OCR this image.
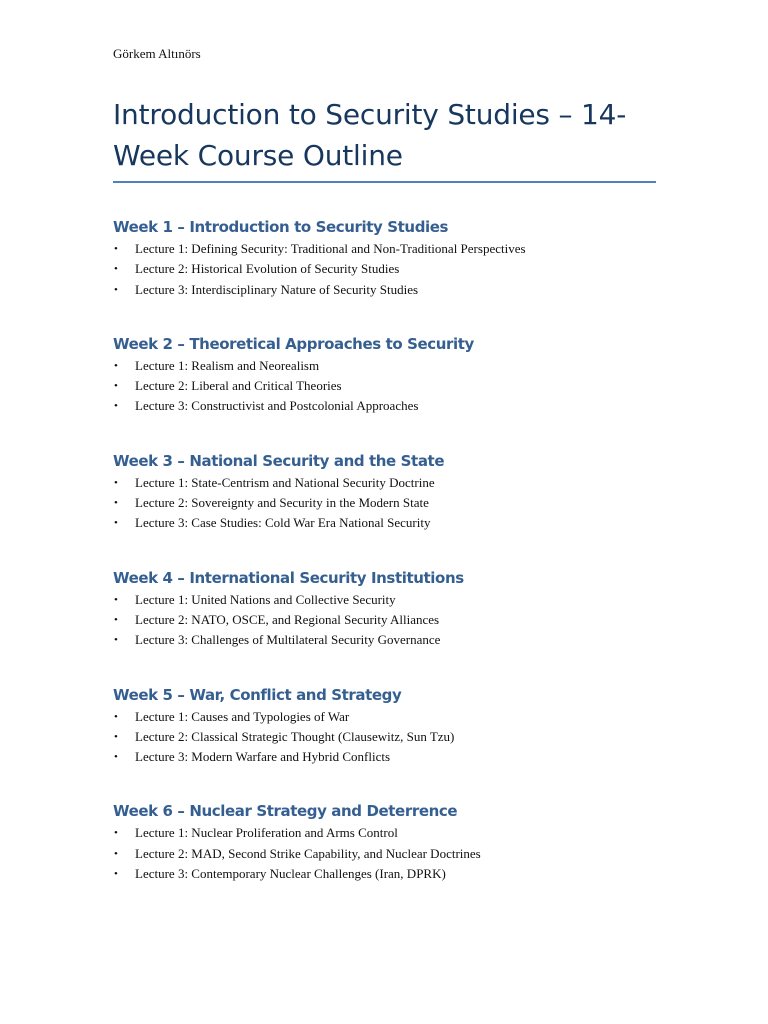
Görkem Altınörs

Introduction to Security Studies – 14-
Week Course Outline
Week 1 – Introduction to Security Studies
• Lecture 1: Defining Security: Traditional and Non-Traditional Perspectives
• Lecture 2: Historical Evolution of Security Studies
• Lecture 3: Interdisciplinary Nature of Security Studies
Week 2 – Theoretical Approaches to Security
• Lecture 1: Realism and Neorealism
• Lecture 2: Liberal and Critical Theories
• Lecture 3: Constructivist and Postcolonial Approaches
Week 3 – National Security and the State
• Lecture 1: State-Centrism and National Security Doctrine
• Lecture 2: Sovereignty and Security in the Modern State
• Lecture 3: Case Studies: Cold War Era National Security
Week 4 – International Security Institutions
• Lecture 1: United Nations and Collective Security
• Lecture 2: NATO, OSCE, and Regional Security Alliances
• Lecture 3: Challenges of Multilateral Security Governance
Week 5 – War, Conflict and Strategy
• Lecture 1: Causes and Typologies of War
• Lecture 2: Classical Strategic Thought (Clausewitz, Sun Tzu)
• Lecture 3: Modern Warfare and Hybrid Conflicts
Week 6 – Nuclear Strategy and Deterrence
• Lecture 1: Nuclear Proliferation and Arms Control
• Lecture 2: MAD, Second Strike Capability, and Nuclear Doctrines
• Lecture 3: Contemporary Nuclear Challenges (Iran, DPRK)
